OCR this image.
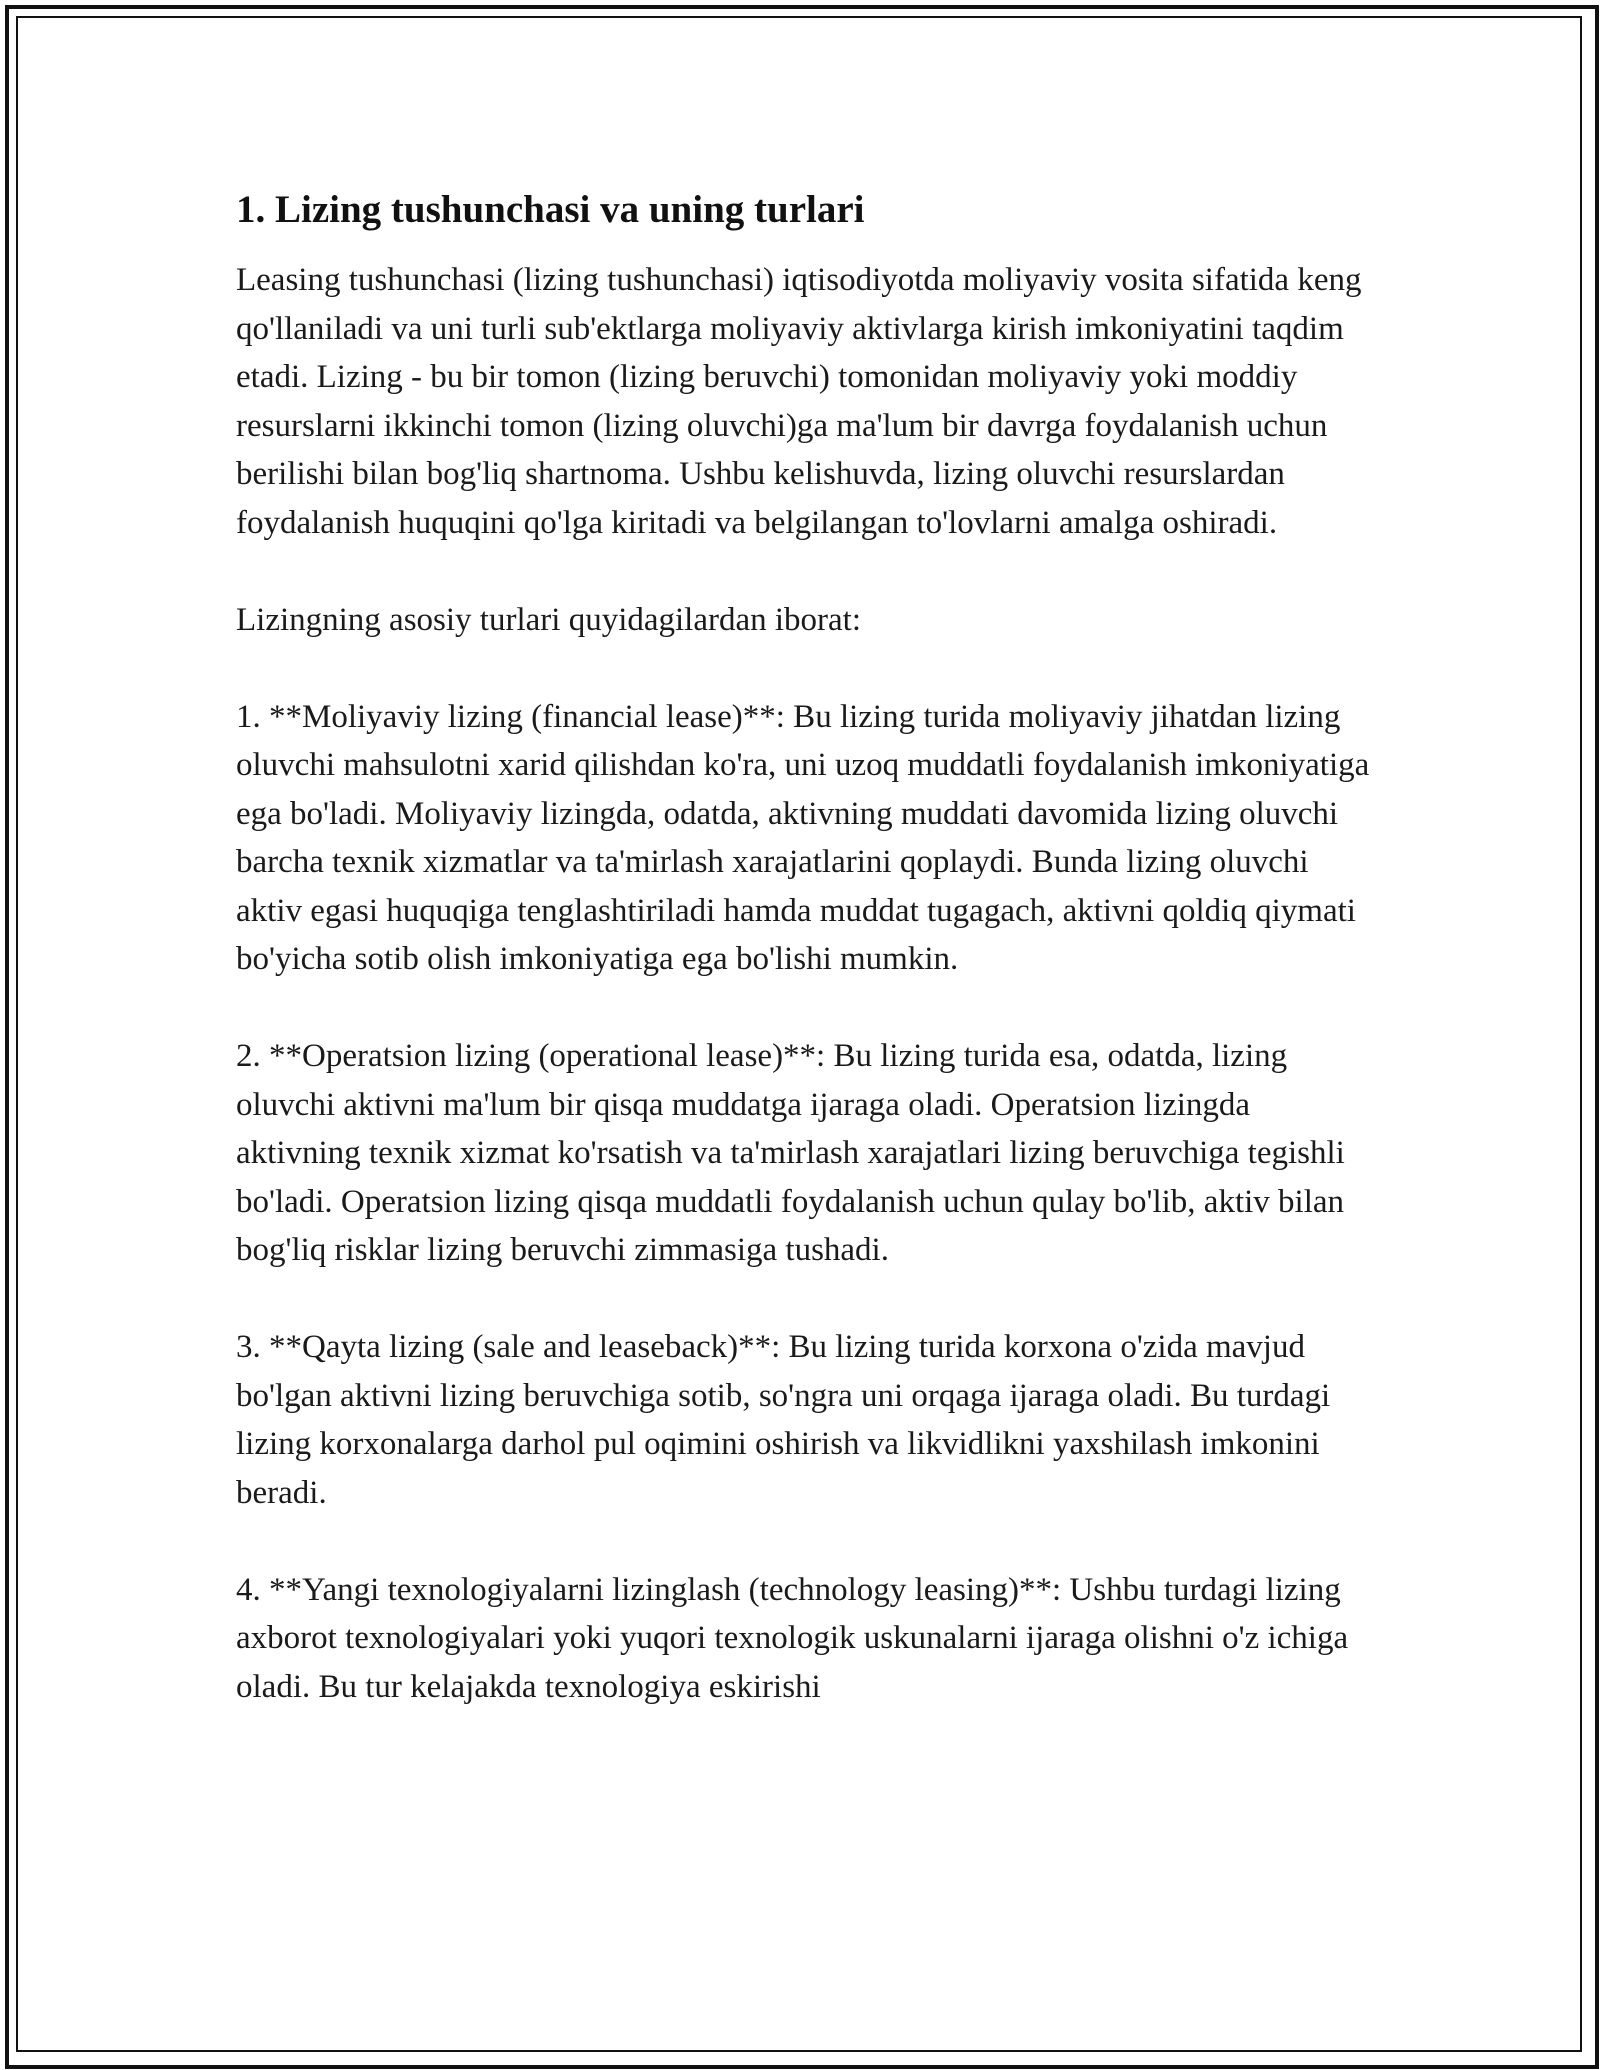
1. Lizing tushunchasi va uning turlari

Leasing tushunchasi (lizing tushunchasi) iqtisodiyotda moliyaviy vosita sifatida keng qo'llaniladi va uni turli sub'ektlarga moliyaviy aktivlarga kirish imkoniyatini taqdim etadi. Lizing - bu bir tomon (lizing beruvchi) tomonidan moliyaviy yoki moddiy resurslarni ikkinchi tomon (lizing oluvchi)ga ma'lum bir davrga foydalanish uchun berilishi bilan bog'liq shartnoma. Ushbu kelishuvda, lizing oluvchi resurslardan foydalanish huquqini qo'lga kiritadi va belgilangan to'lovlarni amalga oshiradi.

Lizingning asosiy turlari quyidagilardan iborat:

1. **Moliyaviy lizing (financial lease)**: Bu lizing turida moliyaviy jihatdan lizing oluvchi mahsulotni xarid qilishdan ko'ra, uni uzoq muddatli foydalanish imkoniyatiga ega bo'ladi. Moliyaviy lizingda, odatda, aktivning muddati davomida lizing oluvchi barcha texnik xizmatlar va ta'mirlash xarajatlarini qoplaydi. Bunda lizing oluvchi aktiv egasi huquqiga tenglashtiriladi hamda muddat tugagach, aktivni qoldiq qiymati bo'yicha sotib olish imkoniyatiga ega bo'lishi mumkin.

2. **Operatsion lizing (operational lease)**: Bu lizing turida esa, odatda, lizing oluvchi aktivni ma'lum bir qisqa muddatga ijaraga oladi. Operatsion lizingda aktivning texnik xizmat ko'rsatish va ta'mirlash xarajatlari lizing beruvchiga tegishli bo'ladi. Operatsion lizing qisqa muddatli foydalanish uchun qulay bo'lib, aktiv bilan bog'liq risklar lizing beruvchi zimmasiga tushadi.

3. **Qayta lizing (sale and leaseback)**: Bu lizing turida korxona o'zida mavjud bo'lgan aktivni lizing beruvchiga sotib, so'ngra uni orqaga ijaraga oladi. Bu turdagi lizing korxonalarga darhol pul oqimini oshirish va likvidlikni yaxshilash imkonini beradi.

4. **Yangi texnologiyalarni lizinglash (technology leasing)**: Ushbu turdagi lizing axborot texnologiyalari yoki yuqori texnologik uskunalarni ijaraga olishni o'z ichiga oladi. Bu tur kelajakda texnologiya eskirishi
